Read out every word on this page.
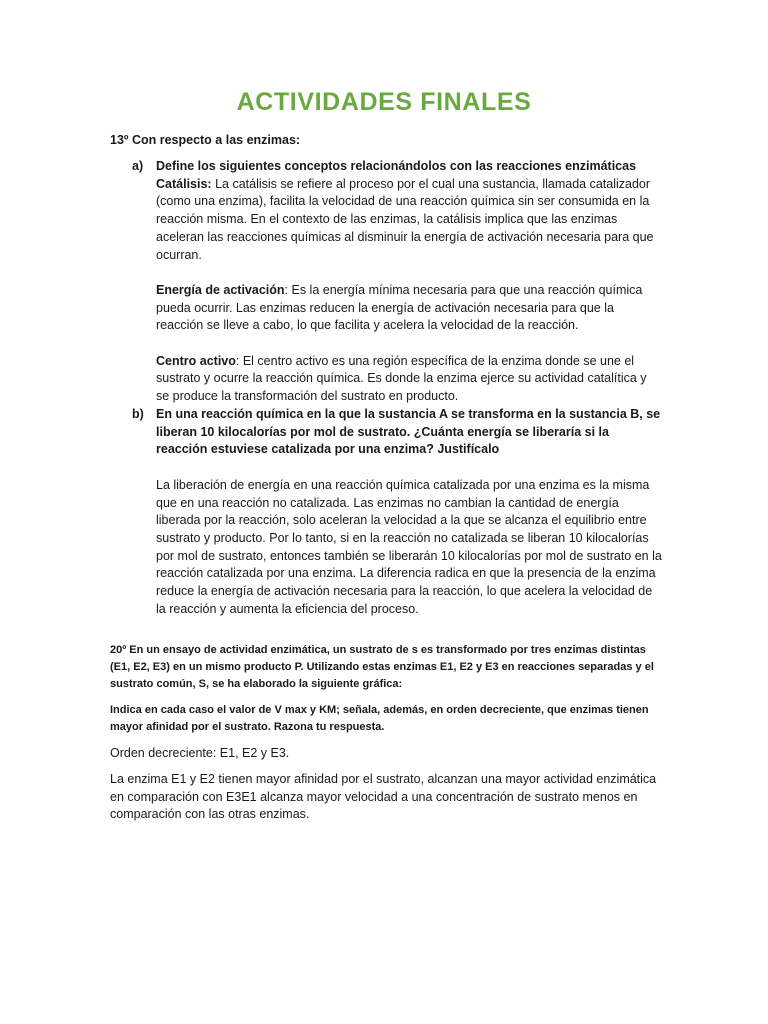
ACTIVIDADES FINALES

13º Con respecto a las enzimas:

a) Define los siguientes conceptos relacionándolos con las reacciones enzimáticas

Catálisis: La catálisis se refiere al proceso por el cual una sustancia, llamada catalizador (como una enzima), facilita la velocidad de una reacción química sin ser consumida en la reacción misma. En el contexto de las enzimas, la catálisis implica que las enzimas aceleran las reacciones químicas al disminuir la energía de activación necesaria para que ocurran.

Energía de activación: Es la energía mínima necesaria para que una reacción química pueda ocurrir. Las enzimas reducen la energía de activación necesaria para que la reacción se lleve a cabo, lo que facilita y acelera la velocidad de la reacción.

Centro activo: El centro activo es una región específica de la enzima donde se une el sustrato y ocurre la reacción química. Es donde la enzima ejerce su actividad catalítica y se produce la transformación del sustrato en producto.

b) En una reacción química en la que la sustancia A se transforma en la sustancia B, se liberan 10 kilocalorías por mol de sustrato. ¿Cuánta energía se liberaría si la reacción estuviese catalizada por una enzima? Justifícalo

La liberación de energía en una reacción química catalizada por una enzima es la misma que en una reacción no catalizada. Las enzimas no cambian la cantidad de energía liberada por la reacción, solo aceleran la velocidad a la que se alcanza el equilibrio entre sustrato y producto. Por lo tanto, si en la reacción no catalizada se liberan 10 kilocalorías por mol de sustrato, entonces también se liberarán 10 kilocalorías por mol de sustrato en la reacción catalizada por una enzima. La diferencia radica en que la presencia de la enzima reduce la energía de activación necesaria para la reacción, lo que acelera la velocidad de la reacción y aumenta la eficiencia del proceso.

20º En un ensayo de actividad enzimática, un sustrato de s es transformado por tres enzimas distintas (E1, E2, E3) en un mismo producto P. Utilizando estas enzimas E1, E2 y E3 en reacciones separadas y el sustrato común, S, se ha elaborado la siguiente gráfica:

Indica en cada caso el valor de V max y KM; señala, además, en orden decreciente, que enzimas tienen mayor afinidad por el sustrato. Razona tu respuesta.

Orden decreciente: E1, E2 y E3.

La enzima E1 y E2 tienen mayor afinidad por el sustrato, alcanzan una mayor actividad enzimática en comparación con E3E1 alcanza mayor velocidad a una concentración de sustrato menos en comparación con las otras enzimas.
